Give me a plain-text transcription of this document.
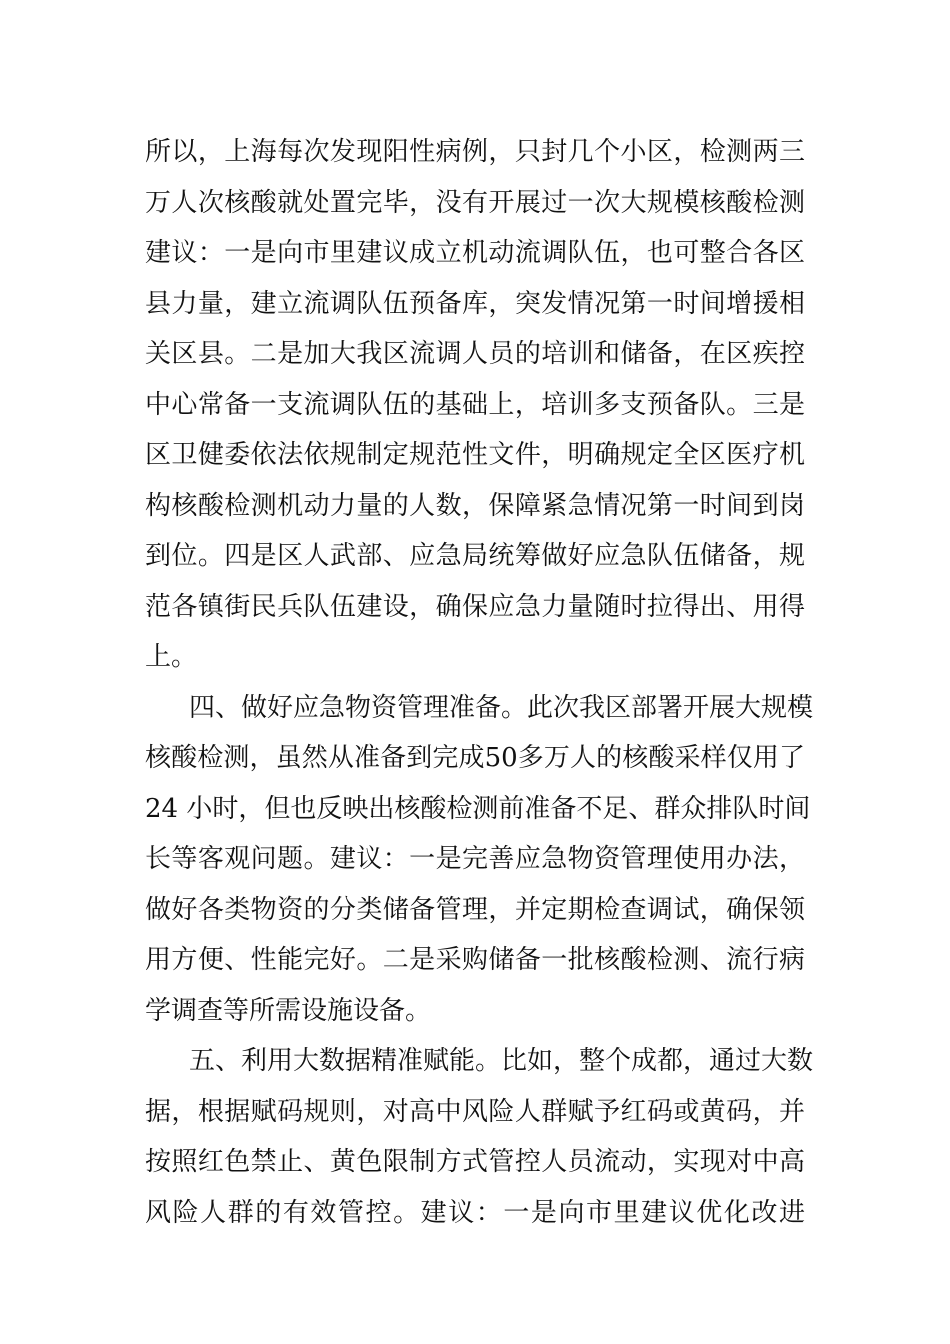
所以，上海每次发现阳性病例，只封几个小区，检测两三
万人次核酸就处置完毕，没有开展过一次大规模核酸检测
建议：一是向市里建议成立机动流调队伍，也可整合各区
县力量，建立流调队伍预备库，突发情况第一时间增援相
关区县。二是加大我区流调人员的培训和储备，在区疾控
中心常备一支流调队伍的基础上，培训多支预备队。三是
区卫健委依法依规制定规范性文件，明确规定全区医疗机
构核酸检测机动力量的人数，保障紧急情况第一时间到岗
到位。四是区人武部、应急局统筹做好应急队伍储备，规
范各镇街民兵队伍建设，确保应急力量随时拉得出、用得
上。
四、做好应急物资管理准备。此次我区部署开展大规模
核酸检测，虽然从准备到完成50多万人的核酸采样仅用了
24 小时，但也反映出核酸检测前准备不足、群众排队时间
长等客观问题。建议：一是完善应急物资管理使用办法，
做好各类物资的分类储备管理，并定期检查调试，确保领
用方便、性能完好。二是采购储备一批核酸检测、流行病
学调查等所需设施设备。
五、利用大数据精准赋能。比如，整个成都，通过大数
据，根据赋码规则，对高中风险人群赋予红码或黄码，并
按照红色禁止、黄色限制方式管控人员流动，实现对中高
风险人群的有效管控。建议：一是向市里建议优化改进
